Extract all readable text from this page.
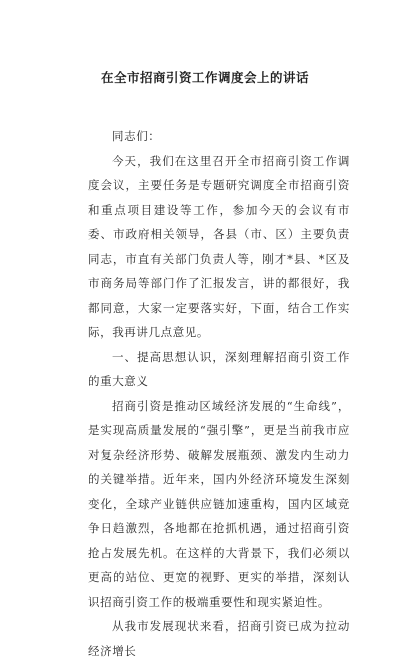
在全市招商引资工作调度会上的讲话

同志们：

今天，我们在这里召开全市招商引资工作调度会议，主要任务是专题研究调度全市招商引资和重点项目建设等工作，参加今天的会议有市委、市政府相关领导，各县（市、区）主要负责同志，市直有关部门负责人等，刚才*县、*区及市商务局等部门作了汇报发言，讲的都很好，我都同意，大家一定要落实好，下面，结合工作实际，我再讲几点意见。

一、提高思想认识，深刻理解招商引资工作的重大意义

招商引资是推动区域经济发展的“生命线”，是实现高质量发展的“强引擎”，更是当前我市应对复杂经济形势、破解发展瓶颈、激发内生动力的关键举措。近年来，国内外经济环境发生深刻变化，全球产业链供应链加速重构，国内区域竞争日趋激烈，各地都在抢抓机遇，通过招商引资抢占发展先机。在这样的大背景下，我们必须以更高的站位、更宽的视野、更实的举措，深刻认识招商引资工作的极端重要性和现实紧迫性。

从我市发展现状来看，招商引资已成为拉动经济增长
